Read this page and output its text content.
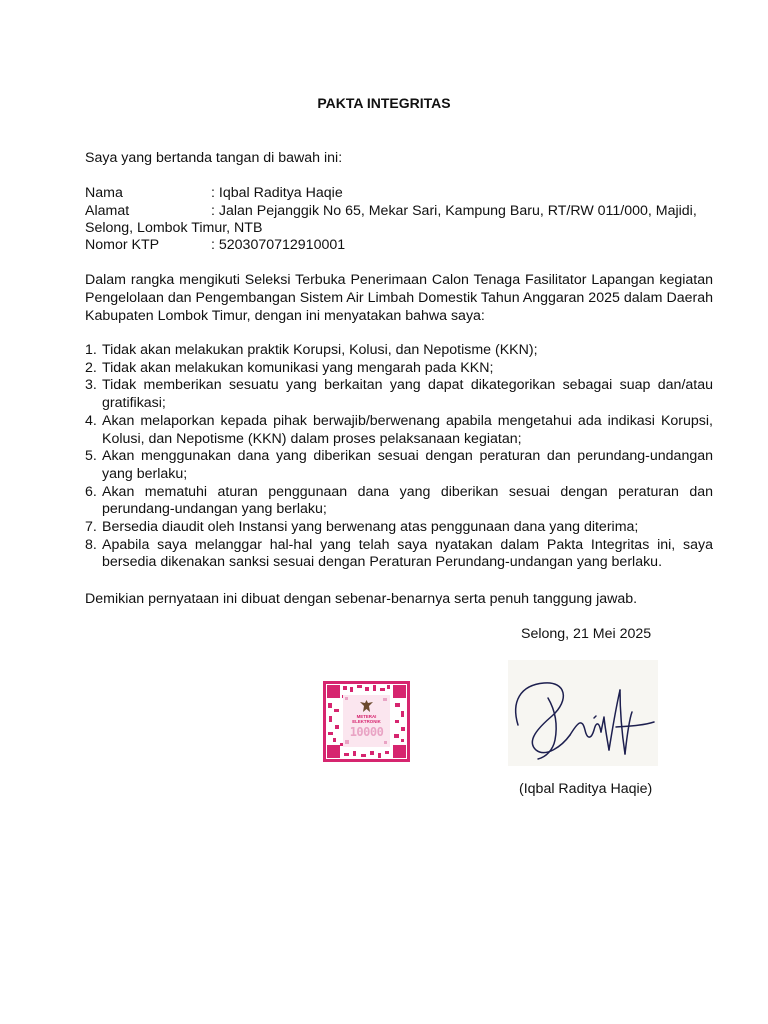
PAKTA INTEGRITAS
Saya yang bertanda tangan di bawah ini:
Nama	: Iqbal Raditya Haqie
Alamat	: Jalan Pejanggik No 65, Mekar Sari, Kampung Baru, RT/RW 011/000, Majidi,
Selong, Lombok Timur, NTB
Nomor KTP	: 5203070712910001
Dalam rangka mengikuti Seleksi Terbuka Penerimaan Calon Tenaga Fasilitator Lapangan kegiatan Pengelolaan dan Pengembangan Sistem Air Limbah Domestik Tahun Anggaran 2025 dalam Daerah Kabupaten Lombok Timur, dengan ini menyatakan bahwa saya:
1. Tidak akan melakukan praktik Korupsi, Kolusi, dan Nepotisme (KKN);
2. Tidak akan melakukan komunikasi yang mengarah pada KKN;
3. Tidak memberikan sesuatu yang berkaitan yang dapat dikategorikan sebagai suap dan/atau gratifikasi;
4. Akan melaporkan kepada pihak berwajib/berwenang apabila mengetahui ada indikasi Korupsi, Kolusi, dan Nepotisme (KKN) dalam proses pelaksanaan kegiatan;
5. Akan menggunakan dana yang diberikan sesuai dengan peraturan dan perundang-undangan yang berlaku;
6. Akan mematuhi aturan penggunaan dana yang diberikan sesuai dengan peraturan dan perundang-undangan yang berlaku;
7. Bersedia diaudit oleh Instansi yang berwenang atas penggunaan dana yang diterima;
8. Apabila saya melanggar hal-hal yang telah saya nyatakan dalam Pakta Integritas ini, saya bersedia dikenakan sanksi sesuai dengan Peraturan Perundang-undangan yang berlaku.
Demikian pernyataan ini dibuat dengan sebenar-benarnya serta penuh tanggung jawab.
Selong, 21 Mei 2025
METERAI ELEKTRONIK
10000
(Iqbal Raditya Haqie)
